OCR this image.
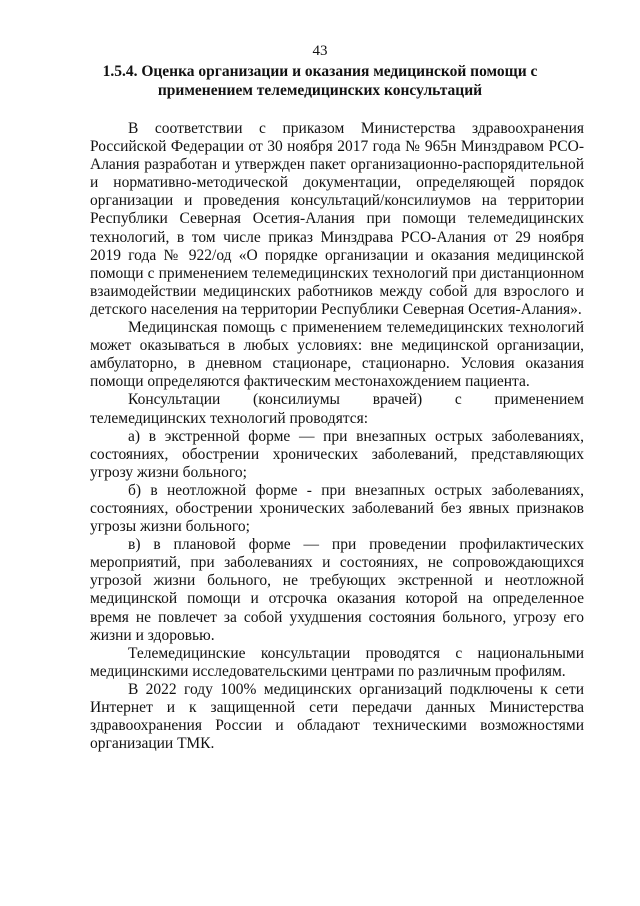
43
1.5.4. Оценка организации и оказания медицинской помощи с применением телемедицинских консультаций

В соответствии с приказом Министерства здравоохранения Российской Федерации от 30 ноября 2017 года № 965н Минздравом РСО-Алания разработан и утвержден пакет организационно-распорядительной и нормативно-методической документации, определяющей порядок организации и проведения консультаций/консилиумов на территории Республики Северная Осетия-Алания при помощи телемедицинских технологий, в том числе приказ Минздрава РСО-Алания от 29 ноября 2019 года № 922/од «О порядке организации и оказания медицинской помощи с применением телемедицинских технологий при дистанционном взаимодействии медицинских работников между собой для взрослого и детского населения на территории Республики Северная Осетия-Алания».

Медицинская помощь с применением телемедицинских технологий может оказываться в любых условиях: вне медицинской организации, амбулаторно, в дневном стационаре, стационарно. Условия оказания помощи определяются фактическим местонахождением пациента.

Консультации (консилиумы врачей) с применением телемедицинских технологий проводятся:

а) в экстренной форме — при внезапных острых заболеваниях, состояниях, обострении хронических заболеваний, представляющих угрозу жизни больного;

б) в неотложной форме - при внезапных острых заболеваниях, состояниях, обострении хронических заболеваний без явных признаков угрозы жизни больного;

в) в плановой форме — при проведении профилактических мероприятий, при заболеваниях и состояниях, не сопровождающихся угрозой жизни больного, не требующих экстренной и неотложной медицинской помощи и отсрочка оказания которой на определенное время не повлечет за собой ухудшения состояния больного, угрозу его жизни и здоровью.

Телемедицинские консультации проводятся с национальными медицинскими исследовательскими центрами по различным профилям.

В 2022 году 100% медицинских организаций подключены к сети Интернет и к защищенной сети передачи данных Министерства здравоохранения России и обладают техническими возможностями организации ТМК.
